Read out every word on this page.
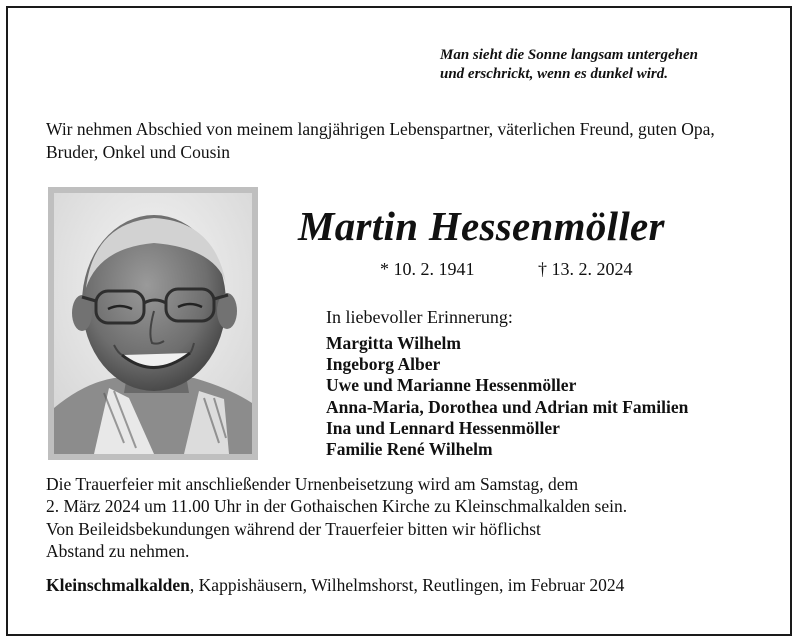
Man sieht die Sonne langsam untergehen
und erschrickt, wenn es dunkel wird.
Wir nehmen Abschied von meinem langjährigen Lebenspartner, väterlichen Freund, guten Opa, Bruder, Onkel und Cousin
Martin Hessenmöller
* 10. 2. 1941	† 13. 2. 2024
In liebevoller Erinnerung:
Margitta Wilhelm
Ingeborg Alber
Uwe und Marianne Hessenmöller
Anna-Maria, Dorothea und Adrian mit Familien
Ina und Lennard Hessenmöller
Familie René Wilhelm
Die Trauerfeier mit anschließender Urnenbeisetzung wird am Samstag, dem
2. März 2024 um 11.00 Uhr in der Gothaischen Kirche zu Kleinschmalkalden sein.
Von Beileidsbekundungen während der Trauerfeier bitten wir höflichst
Abstand zu nehmen.
Kleinschmalkalden, Kappishäusern, Wilhelmshorst, Reutlingen, im Februar 2024
